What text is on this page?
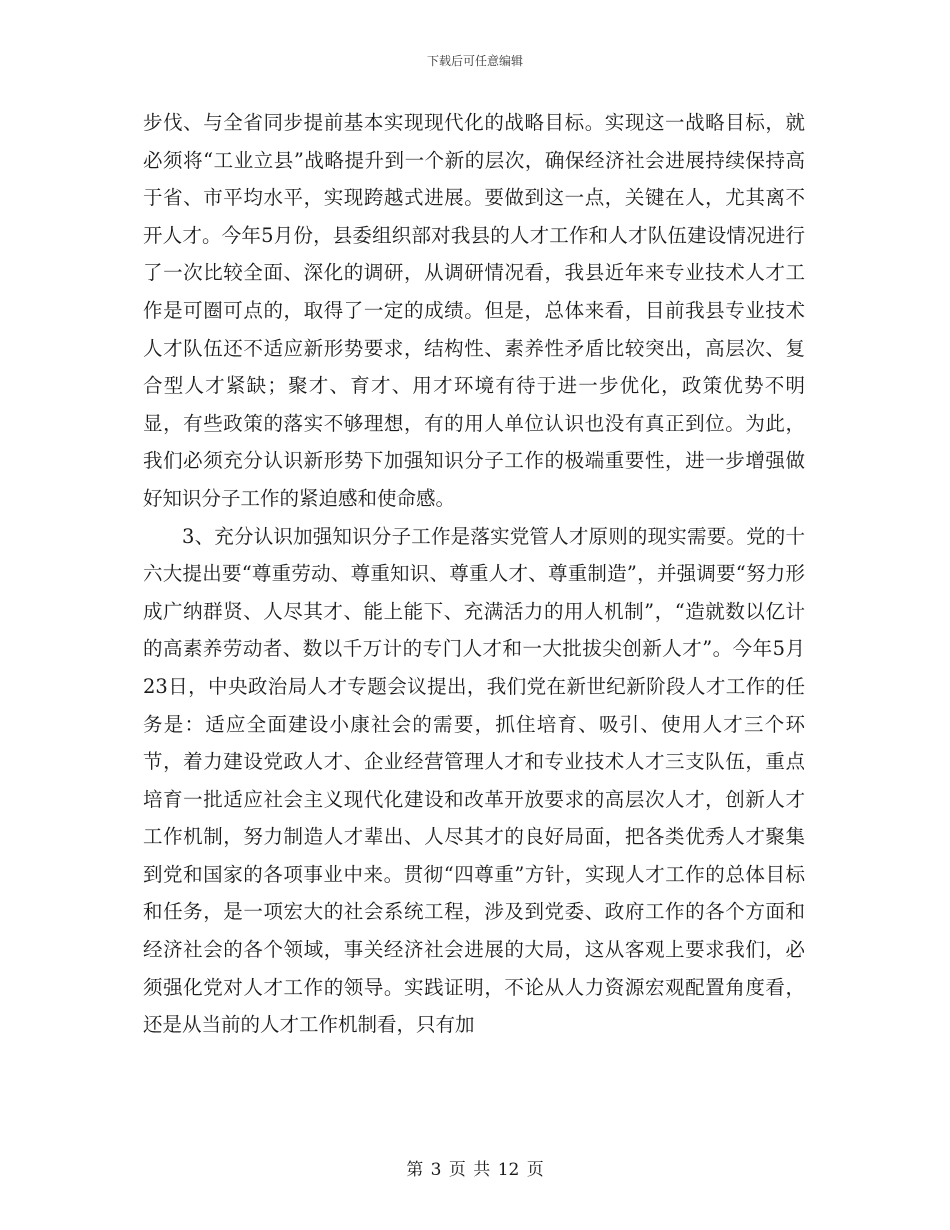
下载后可任意编辑

步伐、与全省同步提前基本实现现代化的战略目标。实现这一战略目标，就必须将“工业立县”战略提升到一个新的层次，确保经济社会进展持续保持高于省、市平均水平，实现跨越式进展。要做到这一点，关键在人，尤其离不开人才。今年5月份，县委组织部对我县的人才工作和人才队伍建设情况进行了一次比较全面、深化的调研，从调研情况看，我县近年来专业技术人才工作是可圈可点的，取得了一定的成绩。但是，总体来看，目前我县专业技术人才队伍还不适应新形势要求，结构性、素养性矛盾比较突出，高层次、复合型人才紧缺；聚才、育才、用才环境有待于进一步优化，政策优势不明显，有些政策的落实不够理想，有的用人单位认识也没有真正到位。为此，我们必须充分认识新形势下加强知识分子工作的极端重要性，进一步增强做好知识分子工作的紧迫感和使命感。

3、充分认识加强知识分子工作是落实党管人才原则的现实需要。党的十六大提出要“尊重劳动、尊重知识、尊重人才、尊重制造”，并强调要“努力形成广纳群贤、人尽其才、能上能下、充满活力的用人机制”，“造就数以亿计的高素养劳动者、数以千万计的专门人才和一大批拔尖创新人才”。今年5月23日，中央政治局人才专题会议提出，我们党在新世纪新阶段人才工作的任务是：适应全面建设小康社会的需要，抓住培育、吸引、使用人才三个环节，着力建设党政人才、企业经营管理人才和专业技术人才三支队伍，重点培育一批适应社会主义现代化建设和改革开放要求的高层次人才，创新人才工作机制，努力制造人才辈出、人尽其才的良好局面，把各类优秀人才聚集到党和国家的各项事业中来。贯彻“四尊重”方针，实现人才工作的总体目标和任务，是一项宏大的社会系统工程，涉及到党委、政府工作的各个方面和经济社会的各个领域，事关经济社会进展的大局，这从客观上要求我们，必须强化党对人才工作的领导。实践证明，不论从人力资源宏观配置角度看，还是从当前的人才工作机制看，只有加

第 3 页 共 12 页
